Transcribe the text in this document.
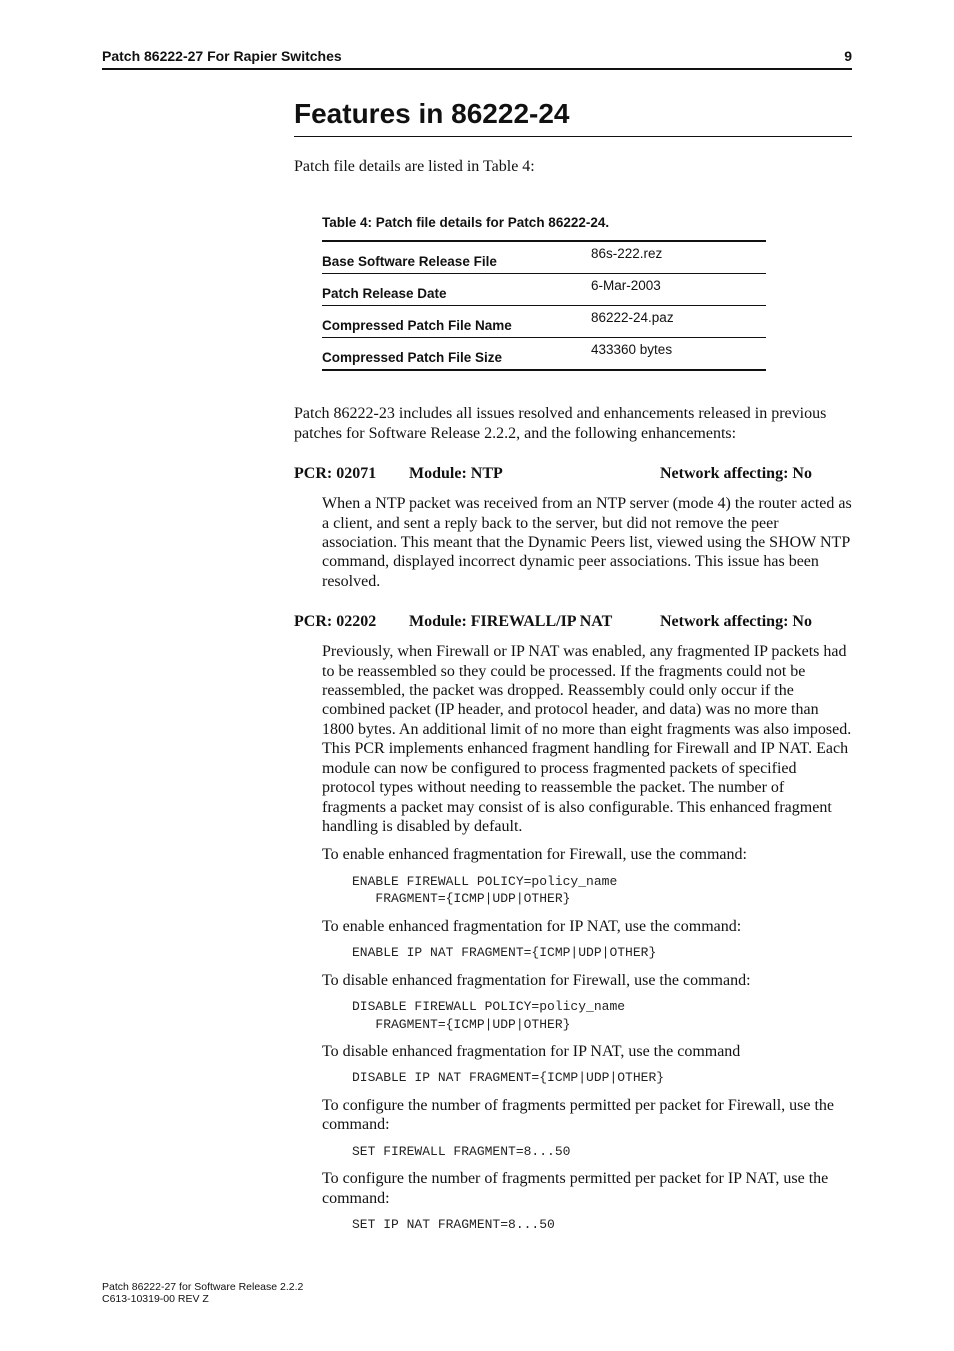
Patch 86222-27 For Rapier Switches	9
Features in 86222-24

Patch file details are listed in Table 4:

Table 4: Patch file details for Patch 86222-24.
Base Software Release File	86s-222.rez
Patch Release Date	6-Mar-2003
Compressed Patch File Name	86222-24.paz
Compressed Patch File Size	433360 bytes

Patch 86222-23 includes all issues resolved and enhancements released in previous patches for Software Release 2.2.2, and the following enhancements:

PCR: 02071 Module: NTP	Network affecting: No

When a NTP packet was received from an NTP server (mode 4) the router acted as a client, and sent a reply back to the server, but did not remove the peer association. This meant that the Dynamic Peers list, viewed using the SHOW NTP command, displayed incorrect dynamic peer associations. This issue has been resolved.

PCR: 02202 Module: FIREWALL/IP NAT	Network affecting: No

Previously, when Firewall or IP NAT was enabled, any fragmented IP packets had to be reassembled so they could be processed. If the fragments could not be reassembled, the packet was dropped. Reassembly could only occur if the combined packet (IP header, and protocol header, and data) was no more than 1800 bytes. An additional limit of no more than eight fragments was also imposed. This PCR implements enhanced fragment handling for Firewall and IP NAT. Each module can now be configured to process fragmented packets of specified protocol types without needing to reassemble the packet. The number of fragments a packet may consist of is also configurable. This enhanced fragment handling is disabled by default.

To enable enhanced fragmentation for Firewall, use the command:

ENABLE FIREWALL POLICY=policy_name
FRAGMENT={ICMP|UDP|OTHER}

To enable enhanced fragmentation for IP NAT, use the command:

ENABLE IP NAT FRAGMENT={ICMP|UDP|OTHER}

To disable enhanced fragmentation for Firewall, use the command:

DISABLE FIREWALL POLICY=policy_name
FRAGMENT={ICMP|UDP|OTHER}

To disable enhanced fragmentation for IP NAT, use the command

DISABLE IP NAT FRAGMENT={ICMP|UDP|OTHER}

To configure the number of fragments permitted per packet for Firewall, use the command:

SET FIREWALL FRAGMENT=8...50

To configure the number of fragments permitted per packet for IP NAT, use the command:

SET IP NAT FRAGMENT=8...50
Patch 86222-27 for Software Release 2.2.2
C613-10319-00 REV Z
